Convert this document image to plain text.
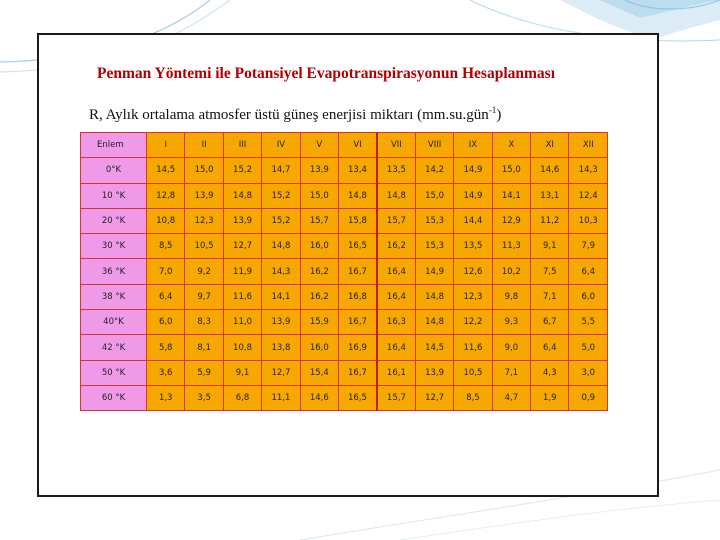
Penman Yöntemi ile Potansiyel Evapotranspirasyonun Hesaplanması

R, Aylık ortalama atmosfer üstü güneş enerjisi miktarı (mm.su.gün$^{-1}$)

Enlem	I	II	III	IV	V	VI	VII	VIII	IX	X	XI	XII
0°K	14,5	15,0	15,2	14,7	13,9	13,4	13,5	14,2	14,9	15,0	14,6	14,3
10 °K	12,8	13,9	14,8	15,2	15,0	14,8	14,8	15,0	14,9	14,1	13,1	12,4
20 °K	10,8	12,3	13,9	15,2	15,7	15,8	15,7	15,3	14,4	12,9	11,2	10,3
30 °K	8,5	10,5	12,7	14,8	16,0	16,5	16,2	15,3	13,5	11,3	9,1	7,9
36 °K	7,0	9,2	11,9	14,3	16,2	16,7	16,4	14,9	12,6	10,2	7,5	6,4
38 °K	6,4	9,7	11,6	14,1	16,2	16,8	16,4	14,8	12,3	9,8	7,1	6,0
40°K	6,0	8,3	11,0	13,9	15,9	16,7	16,3	14,8	12,2	9,3	6,7	5,5
42 °K	5,8	8,1	10,8	13,8	16,0	16,9	16,4	14,5	11,6	9,0	6,4	5,0
50 °K	3,6	5,9	9,1	12,7	15,4	16,7	16,1	13,9	10,5	7,1	4,3	3,0
60 °K	1,3	3,5	6,8	11,1	14,6	16,5	15,7	12,7	8,5	4,7	1,9	0,9
